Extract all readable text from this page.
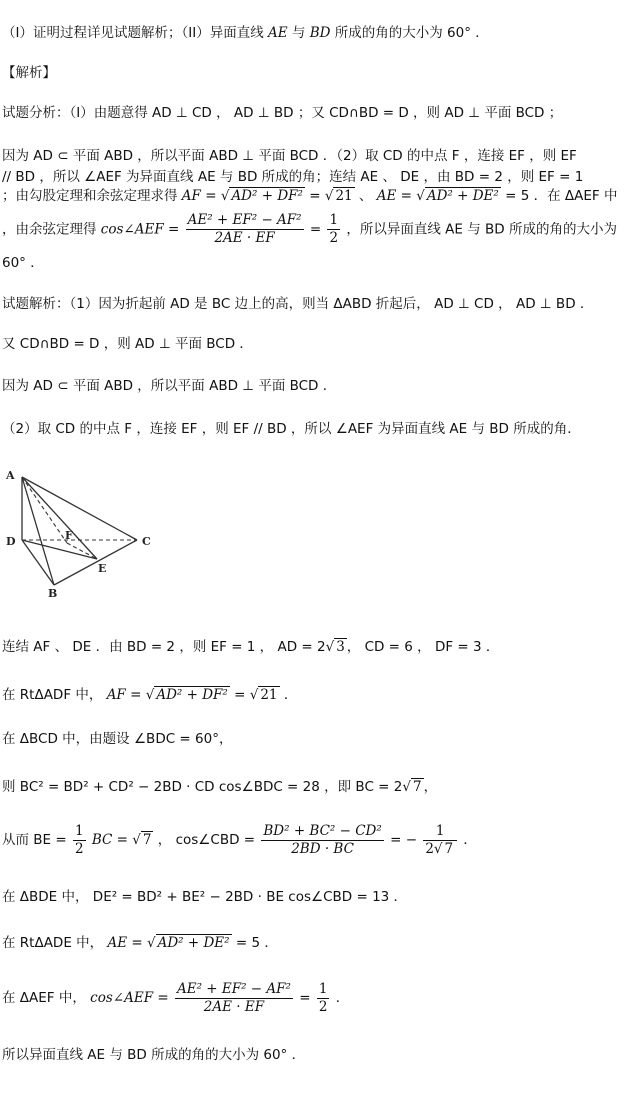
（I）证明过程详见试题解析；（II）异面直线 AE 与 BD 所成的角的大小为 60° ．
【解析】
试题分析：（I）由题意得 AD ⊥ CD ， AD ⊥ BD ；又 CD∩BD = D ，则 AD ⊥ 平面 BCD ；
因为 AD ⊂ 平面 ABD ，所以平面 ABD ⊥ 平面 BCD ．（2）取 CD 的中点 F ，连接 EF ，则 EF
// BD ，所以 ∠AEF 为异面直线 AE 与 BD 所成的角；连结 AE 、 DE ，由 BD = 2 ，则 EF = 1
；由勾股定理和余弦定理求得 AF = √ AD² + DF² = √ 21 、 AE = √ AD² + DE² = 5 ．在 ΔAEF 中
，由余弦定理得 cos∠AEF = $\frac{\text{AE² + EF² − AF²}}{2AE \cdot EF} = \frac{1}{2}$ ，所以异面直线 AE 与 BD 所成的角的大小为
60° ．
试题解析：（1）因为折起前 AD 是 BC 边上的高，则当 ΔABD 折起后， AD ⊥ CD ， AD ⊥ BD ．
又 CD∩BD = D ，则 AD ⊥ 平面 BCD ．
因为 AD ⊂ 平面 ABD ，所以平面 ABD ⊥ 平面 BCD ．
（2）取 CD 的中点 F ，连接 EF ，则 EF // BD ，所以 ∠AEF 为异面直线 AE 与 BD 所成的角．
A
D	C
F
E
B
连结 AF 、 DE ．由 BD = 2 ，则 EF = 1 ， AD = 2√ 3 ， CD = 6 ， DF = 3 ．
在 RtΔADF 中， AF = √ AD² + DF² = √ 21 ．
在 ΔBCD 中，由题设 ∠BDC = 60°，
则 BC² = BD² + CD² − 2BD · CD cos∠BDC = 28 ，即 BC = 2√ 7 ，
从而 BE = $\frac{1}{2}$ BC = √ 7 ， cos∠CBD = $\frac{\text{BD² + BC² − CD²}}{2BD \cdot BC}$ = − $\frac{1}{2√ 7}$ ．
在 ΔBDE 中， DE² = BD² + BE² − 2BD · BE cos∠CBD = 13 ．
在 RtΔADE 中， AE = √ AD² + DE² = 5 ．
在 ΔAEF 中， cos∠AEF = $\frac{\text{AE² + EF² − AF²}}{2AE \cdot EF} = \frac{1}{2}$ ．
所以异面直线 AE 与 BD 所成的角的大小为 60° ．
